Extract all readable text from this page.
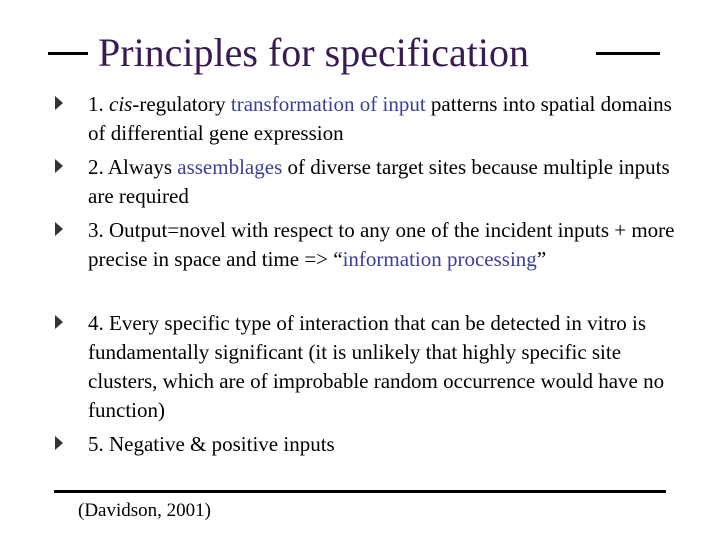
Principles for specification
1. cis-regulatory transformation of input patterns into spatial domains of differential gene expression
2. Always assemblages of diverse target sites because multiple inputs are required
3. Output=novel with respect to any one of the incident inputs + more precise in space and time => “information processing”
4. Every specific type of interaction that can be detected in vitro is fundamentally significant (it is unlikely that highly specific site clusters, which are of improbable random occurrence would have no function)
5. Negative & positive inputs
(Davidson, 2001)
